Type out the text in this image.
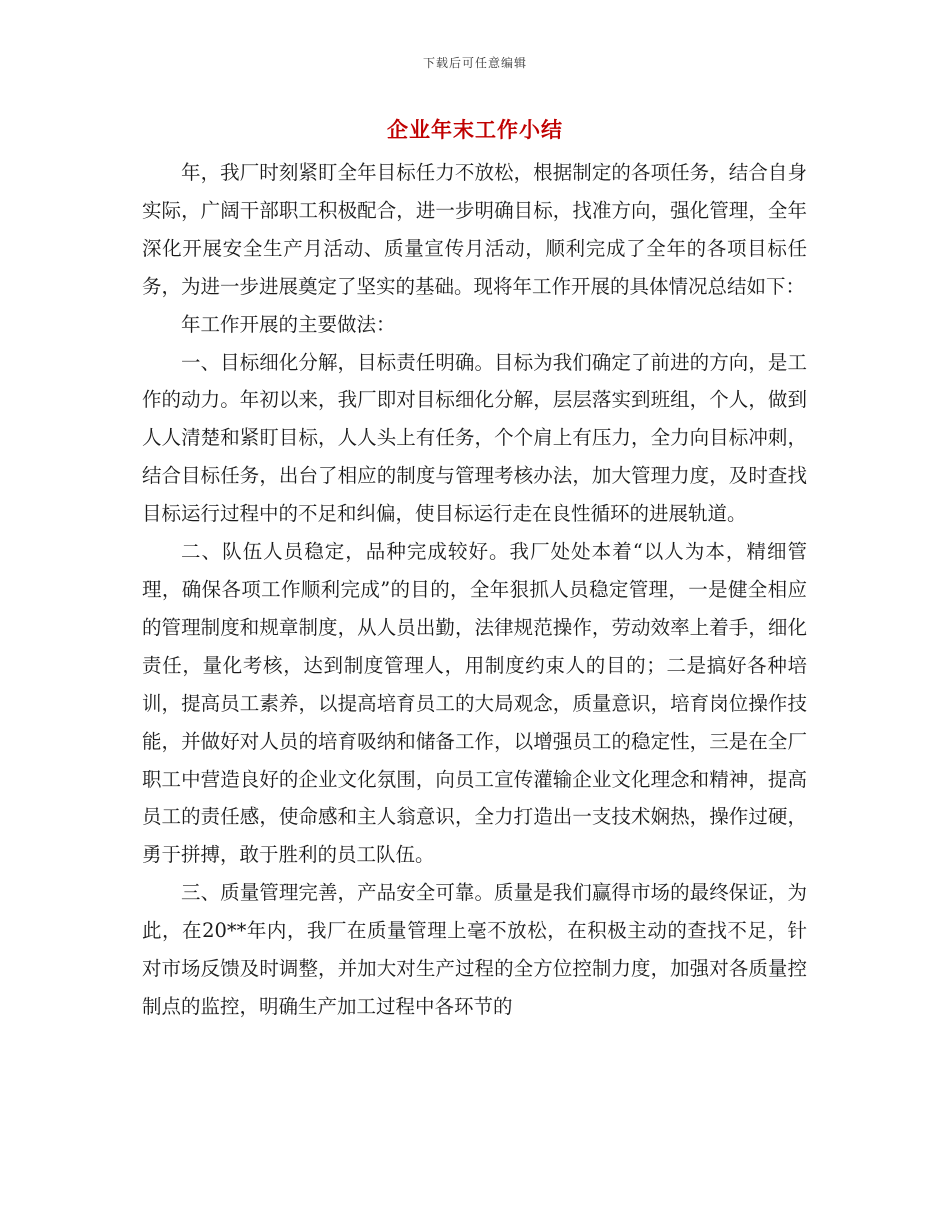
下载后可任意编辑
企业年末工作小结

年，我厂时刻紧盯全年目标任力不放松，根据制定的各项任务，结合自身实际，广阔干部职工积极配合，进一步明确目标，找准方向，强化管理，全年深化开展安全生产月活动、质量宣传月活动，顺利完成了全年的各项目标任务，为进一步进展奠定了坚实的基础。现将年工作开展的具体情况总结如下：

年工作开展的主要做法：

一、目标细化分解，目标责任明确。目标为我们确定了前进的方向，是工作的动力。年初以来，我厂即对目标细化分解，层层落实到班组，个人，做到人人清楚和紧盯目标，人人头上有任务，个个肩上有压力，全力向目标冲刺，结合目标任务，出台了相应的制度与管理考核办法，加大管理力度，及时查找目标运行过程中的不足和纠偏，使目标运行走在良性循环的进展轨道。

二、队伍人员稳定，品种完成较好。我厂处处本着“以人为本，精细管理，确保各项工作顺利完成”的目的，全年狠抓人员稳定管理，一是健全相应的管理制度和规章制度，从人员出勤，法律规范操作，劳动效率上着手，细化责任，量化考核，达到制度管理人，用制度约束人的目的；二是搞好各种培训，提高员工素养，以提高培育员工的大局观念，质量意识，培育岗位操作技能，并做好对人员的培育吸纳和储备工作，以增强员工的稳定性，三是在全厂职工中营造良好的企业文化氛围，向员工宣传灌输企业文化理念和精神，提高员工的责任感，使命感和主人翁意识，全力打造出一支技术娴热，操作过硬，勇于拼搏，敢于胜利的员工队伍。

三、质量管理完善，产品安全可靠。质量是我们赢得市场的最终保证，为此，在20**年内，我厂在质量管理上毫不放松，在积极主动的查找不足，针对市场反馈及时调整，并加大对生产过程的全方位控制力度，加强对各质量控制点的监控，明确生产加工过程中各环节的
